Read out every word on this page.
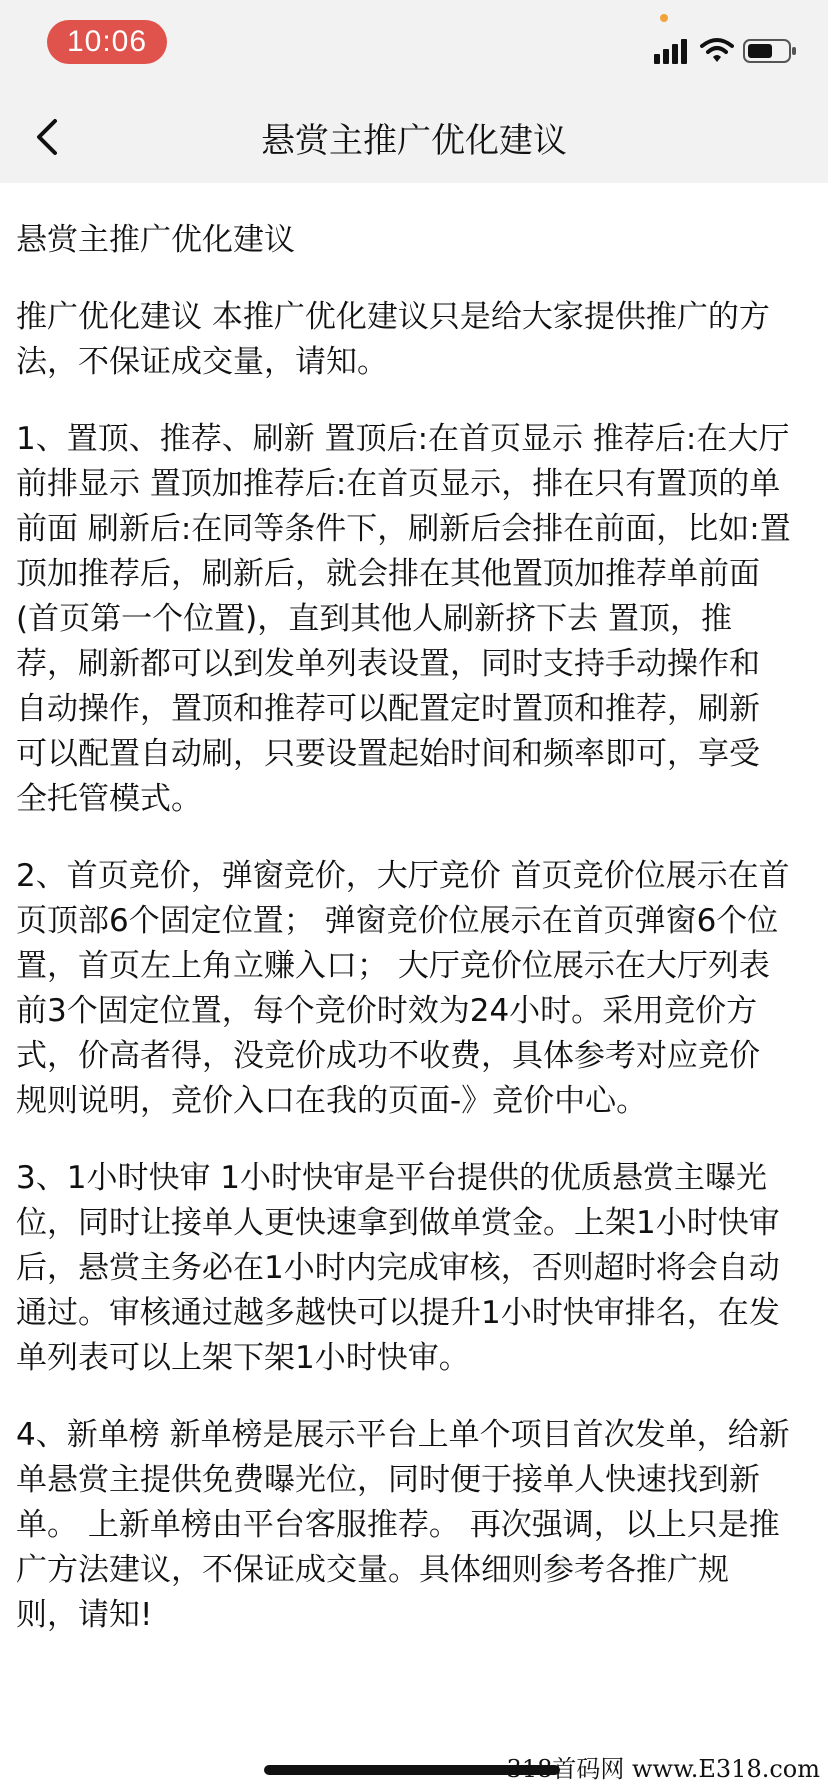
10:06
悬赏主推广优化建议

悬赏主推广优化建议

推广优化建议 本推广优化建议只是给大家提供推广的方
法，不保证成交量，请知。

1、置顶、推荐、刷新 置顶后:在首页显示 推荐后:在大厅
前排显示 置顶加推荐后:在首页显示，排在只有置顶的单
前面 刷新后:在同等条件下，刷新后会排在前面，比如:置
顶加推荐后，刷新后，就会排在其他置顶加推荐单前面
(首页第一个位置)，直到其他人刷新挤下去 置顶，推
荐，刷新都可以到发单列表设置，同时支持手动操作和
自动操作，置顶和推荐可以配置定时置顶和推荐，刷新
可以配置自动刷，只要设置起始时间和频率即可，享受
全托管模式。

2、首页竞价，弹窗竞价，大厅竞价 首页竞价位展示在首
页顶部6个固定位置； 弹窗竞价位展示在首页弹窗6个位
置，首页左上角立赚入口； 大厅竞价位展示在大厅列表
前3个固定位置，每个竞价时效为24小时。采用竞价方
式，价高者得，没竞价成功不收费，具体参考对应竞价
规则说明，竞价入口在我的页面-》竞价中心。

3、1小时快审 1小时快审是平台提供的优质悬赏主曝光
位，同时让接单人更快速拿到做单赏金。上架1小时快审
后，悬赏主务必在1小时内完成审核，否则超时将会自动
通过。审核通过越多越快可以提升1小时快审排名，在发
单列表可以上架下架1小时快审。

4、新单榜 新单榜是展示平台上单个项目首次发单，给新
单悬赏主提供免费曝光位，同时便于接单人快速找到新
单。 上新单榜由平台客服推荐。 再次强调，以上只是推
广方法建议，不保证成交量。具体细则参考各推广规
则，请知!

318首码网 www.E318.com
